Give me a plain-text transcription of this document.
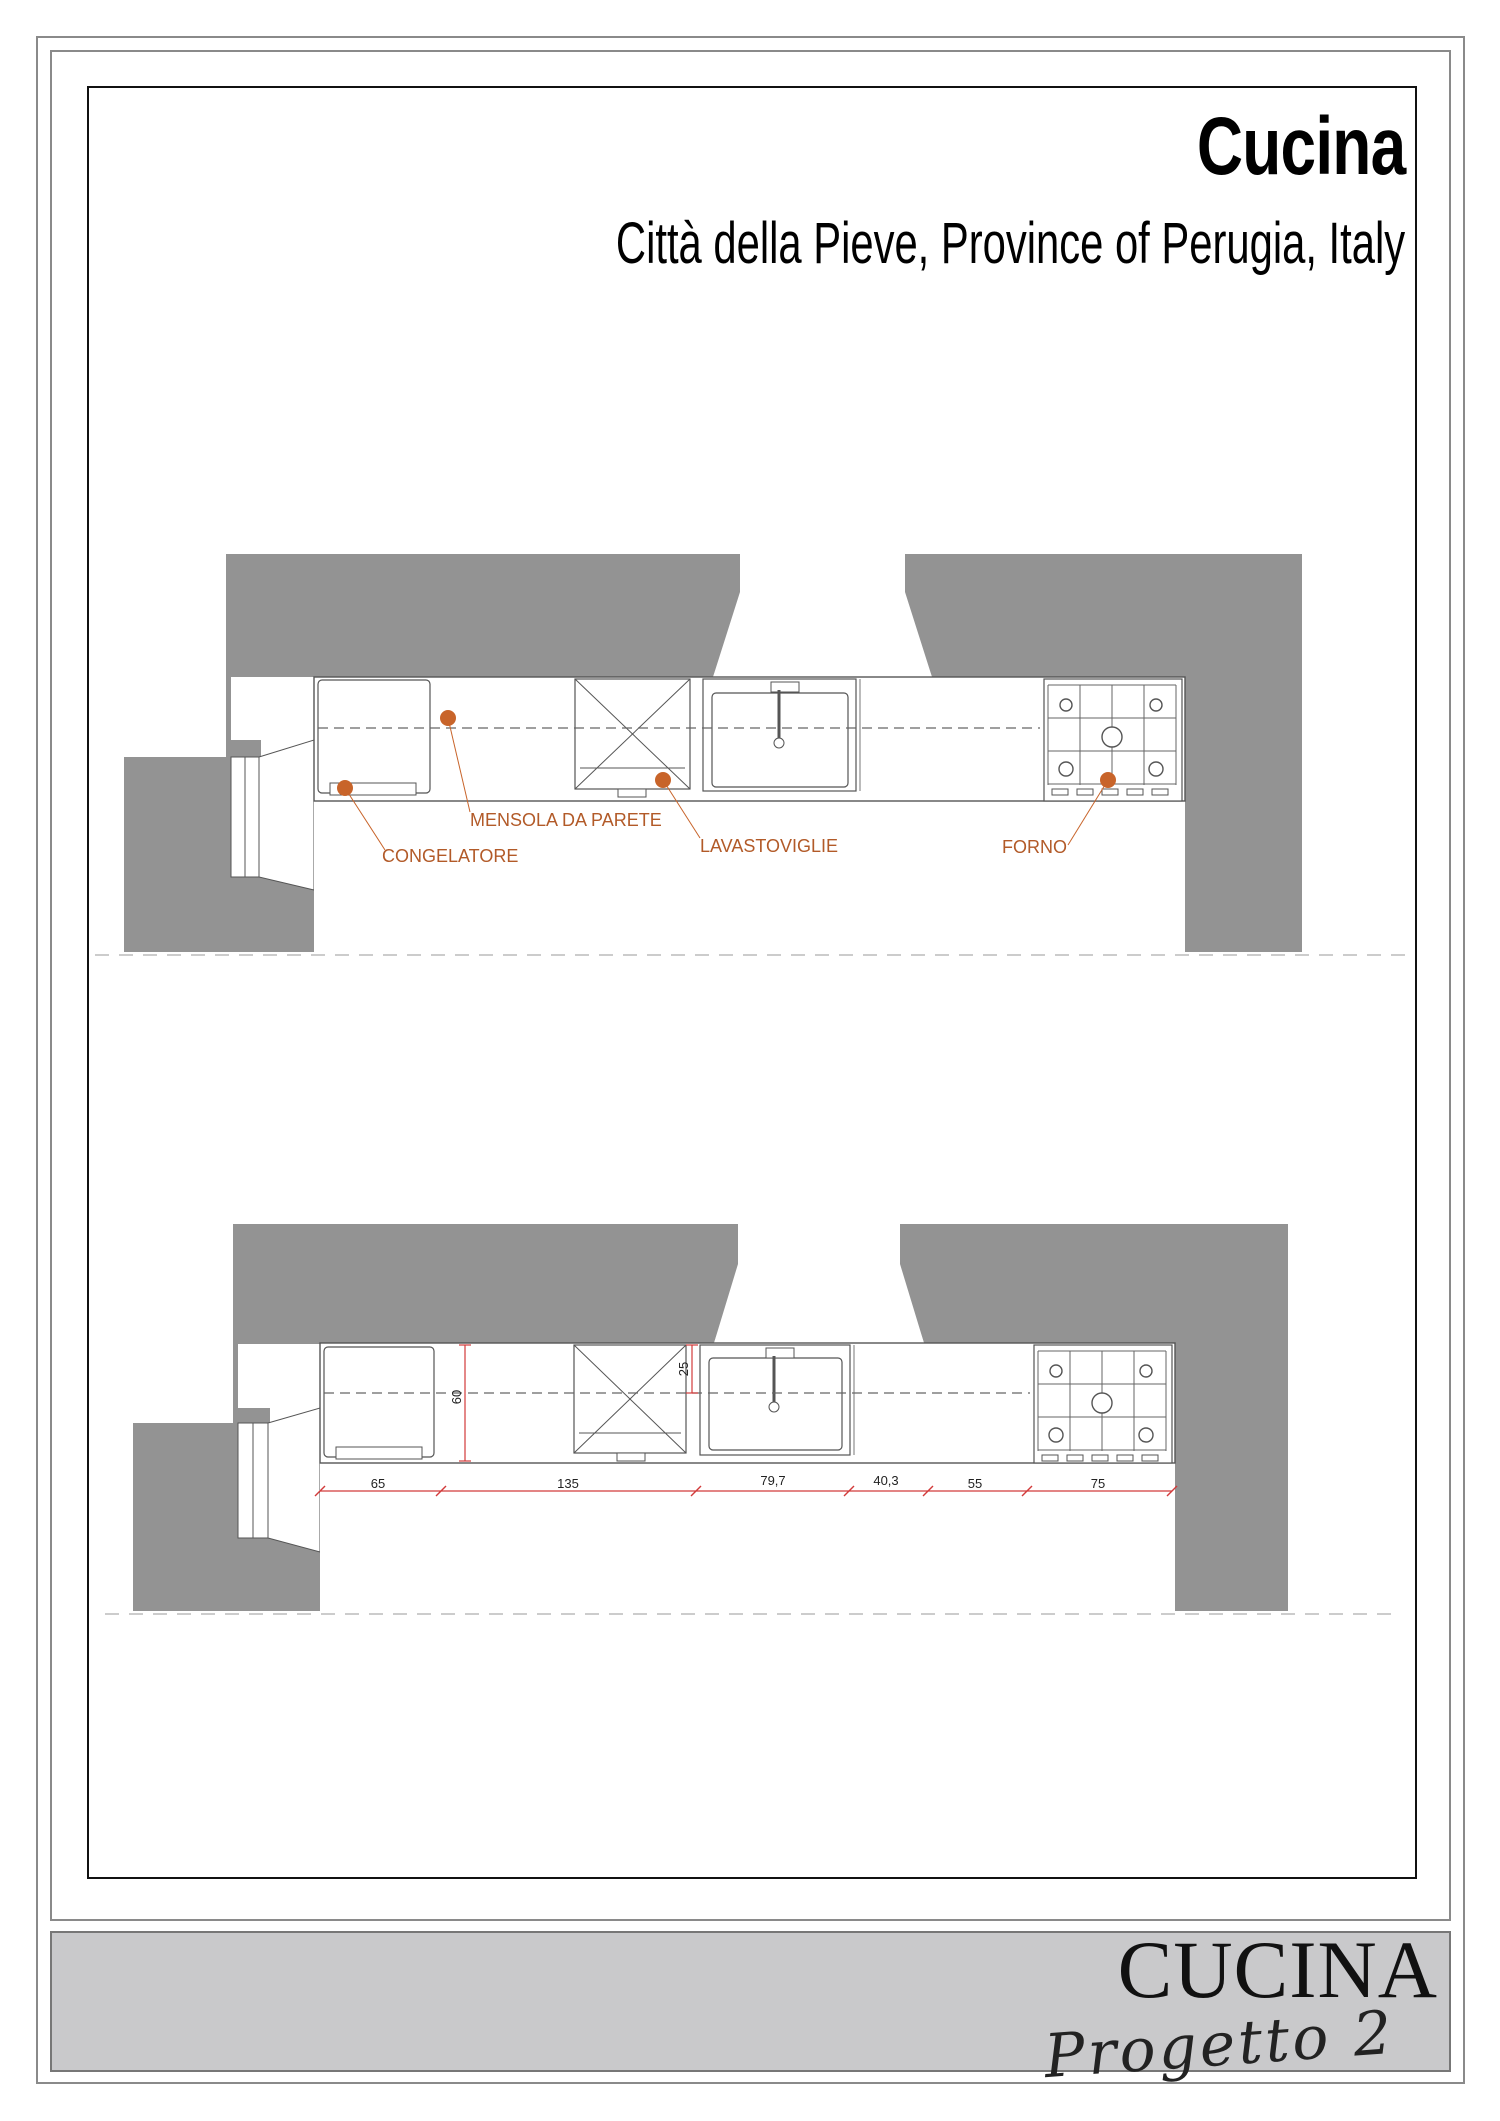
CONGELATORE
MENSOLA DA PARETE
LAVASTOVIGLIE	FORNO
65	135	79,7	40,3	55	75
60
25
Cucina

Città della Pieve, Province of Perugia, Italy

CUCINA

Progetto 2
